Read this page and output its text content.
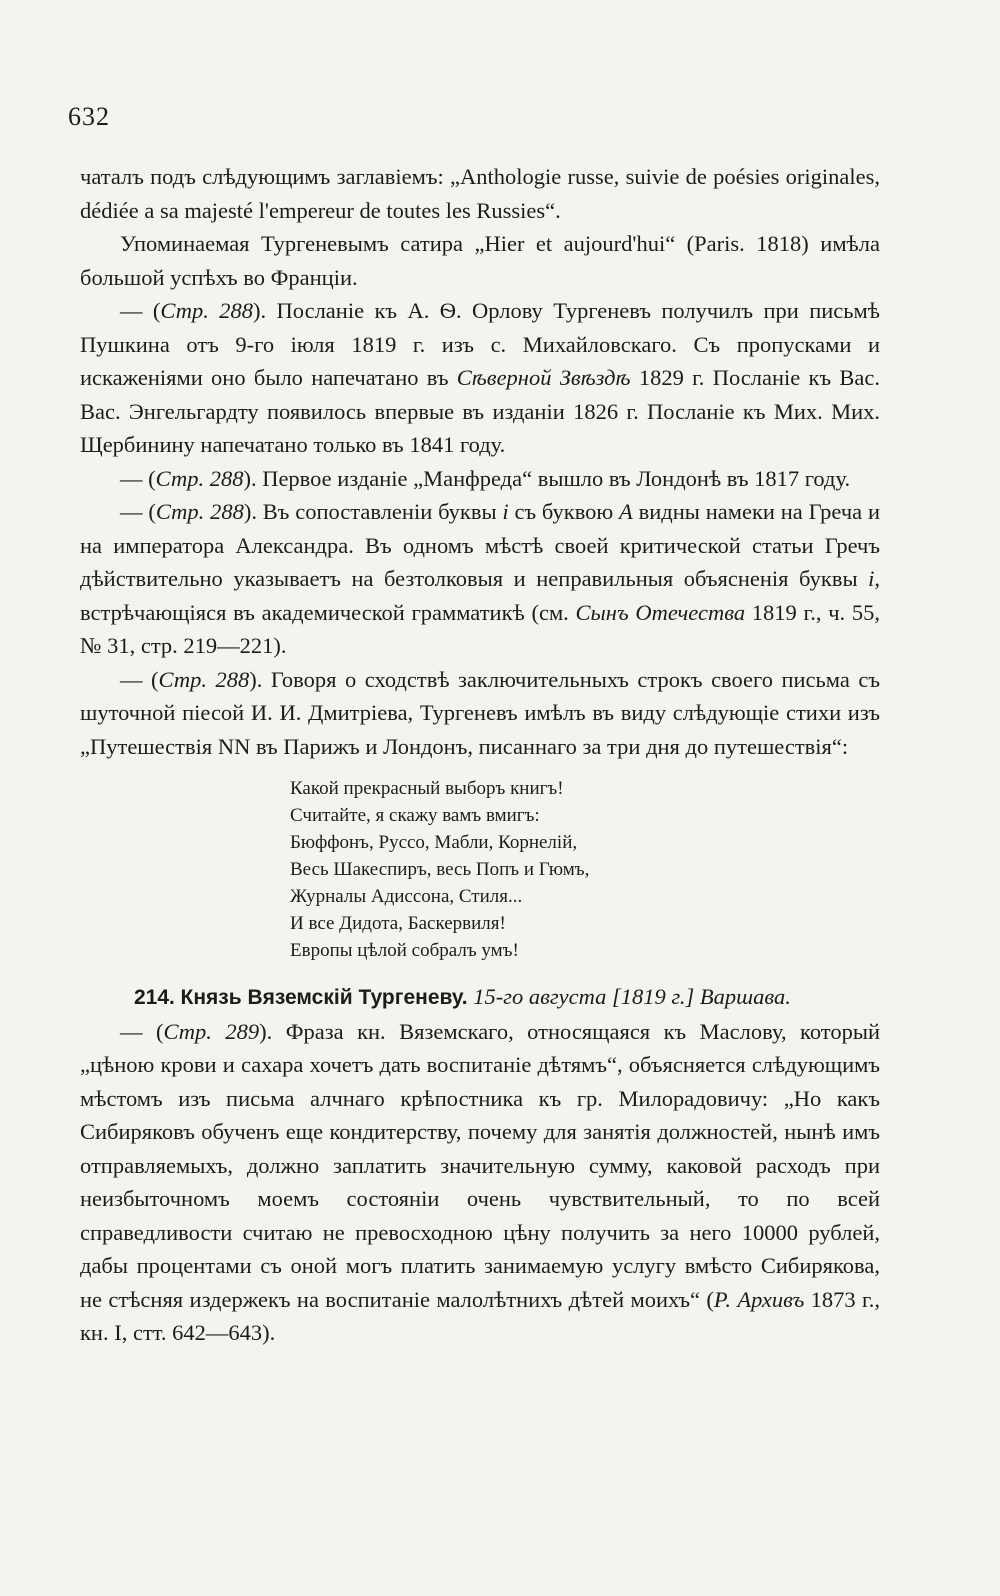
632

чаталъ подъ слѣдующимъ заглавіемъ: „Anthologie russe, suivie de poésies originales, dédiée a sa majesté l'empereur de toutes les Russies“.

Упоминаемая Тургеневымъ сатира „Hier et aujourd'hui“ (Paris. 1818) имѣла большой успѣхъ во Франціи.

— (Стр. 288). Посланіе къ А. Ѳ. Орлову Тургеневъ получилъ при письмѣ Пушкина отъ 9-го іюля 1819 г. изъ с. Михайловскаго. Съ пропусками и искаженіями оно было напечатано въ Сѣверной Звѣздѣ 1829 г. Посланіе къ Вас. Вас. Энгельгардту появилось впервые въ изданіи 1826 г. Посланіе къ Мих. Мих. Щербинину напечатано только въ 1841 году.

— (Стр. 288). Первое изданіе „Манфреда“ вышло въ Лондонѣ въ 1817 году.

— (Стр. 288). Въ сопоставленіи буквы і съ буквою А видны намеки на Греча и на императора Александра. Въ одномъ мѣстѣ своей критической статьи Гречъ дѣйствительно указываетъ на безтолковыя и неправильныя объясненія буквы і, встрѣчающіяся въ академической грамматикѣ (см. Сынъ Отечества 1819 г., ч. 55, № 31, стр. 219—221).

— (Стр. 288). Говоря о сходствѣ заключительныхъ строкъ своего письма съ шуточной піесой И. И. Дмитріева, Тургеневъ имѣлъ въ виду слѣдующіе стихи изъ „Путешествія NN въ Парижъ и Лондонъ, писаннаго за три дня до путешествія“:

Какой прекрасный выборъ книгъ!
Считайте, я скажу вамъ вмигъ:
Бюффонъ, Руссо, Мабли, Корнелій,
Весь Шакеспиръ, весь Попъ и Гюмъ,
Журналы Адиссона, Стиля...
И все Дидота, Баскервиля!
Европы цѣлой собралъ умъ!

214. Князь Вяземскій Тургеневу. 15-го августа [1819 г.] Варшава.

— (Стр. 289). Фраза кн. Вяземскаго, относящаяся къ Маслову, который „цѣною крови и сахара хочетъ дать воспитаніе дѣтямъ“, объясняется слѣдующимъ мѣстомъ изъ письма алчнаго крѣпостника къ гр. Милорадовичу: „Но какъ Сибиряковъ обученъ еще кондитерству, почему для занятія должностей, нынѣ имъ отправляемыхъ, должно заплатить значительную сумму, каковой расходъ при неизбыточномъ моемъ состояніи очень чувствительный, то по всей справедливости считаю не превосходною цѣну получить за него 10000 рублей, дабы процентами съ оной могъ платить занимаемую услугу вмѣсто Сибирякова, не стѣсняя издержекъ на воспитаніе малолѣтнихъ дѣтей моихъ“ (Р. Архивъ 1873 г., кн. I, стт. 642—643).
